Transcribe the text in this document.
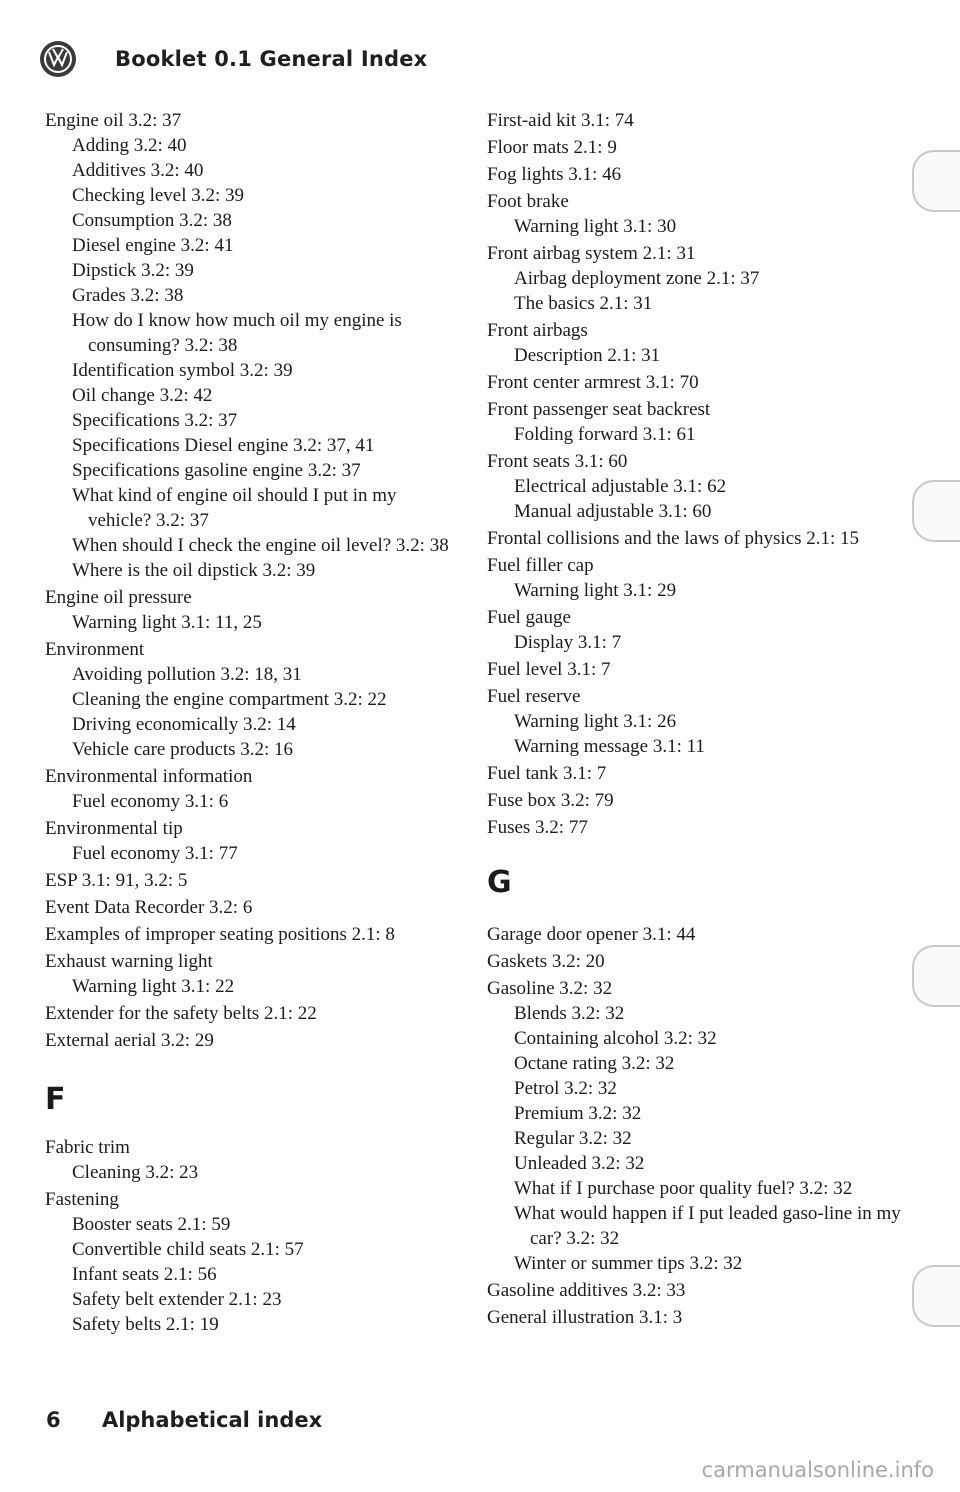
Booklet 0.1 General Index
Engine oil 3.2: 37
Adding 3.2: 40
Additives 3.2: 40
Checking level 3.2: 39
Consumption 3.2: 38
Diesel engine 3.2: 41
Dipstick 3.2: 39
Grades 3.2: 38
How do I know how much oil my engine is consuming? 3.2: 38
Identification symbol 3.2: 39
Oil change 3.2: 42
Specifications 3.2: 37
Specifications Diesel engine 3.2: 37, 41
Specifications gasoline engine 3.2: 37
What kind of engine oil should I put in my vehicle? 3.2: 37
When should I check the engine oil level? 3.2: 38
Where is the oil dipstick 3.2: 39
Engine oil pressure
Warning light 3.1: 11, 25
Environment
Avoiding pollution 3.2: 18, 31
Cleaning the engine compartment 3.2: 22
Driving economically 3.2: 14
Vehicle care products 3.2: 16
Environmental information
Fuel economy 3.1: 6
Environmental tip
Fuel economy 3.1: 77
ESP 3.1: 91, 3.2: 5
Event Data Recorder 3.2: 6
Examples of improper seating positions 2.1: 8
Exhaust warning light
Warning light 3.1: 22
Extender for the safety belts 2.1: 22
External aerial 3.2: 29
F
Fabric trim
Cleaning 3.2: 23
Fastening
Booster seats 2.1: 59
Convertible child seats 2.1: 57
Infant seats 2.1: 56
Safety belt extender 2.1: 23
Safety belts 2.1: 19
First-aid kit 3.1: 74
Floor mats 2.1: 9
Fog lights 3.1: 46
Foot brake
Warning light 3.1: 30
Front airbag system 2.1: 31
Airbag deployment zone 2.1: 37
The basics 2.1: 31
Front airbags
Description 2.1: 31
Front center armrest 3.1: 70
Front passenger seat backrest
Folding forward 3.1: 61
Front seats 3.1: 60
Electrical adjustable 3.1: 62
Manual adjustable 3.1: 60
Frontal collisions and the laws of physics 2.1: 15
Fuel filler cap
Warning light 3.1: 29
Fuel gauge
Display 3.1: 7
Fuel level 3.1: 7
Fuel reserve
Warning light 3.1: 26
Warning message 3.1: 11
Fuel tank 3.1: 7
Fuse box 3.2: 79
Fuses 3.2: 77
G
Garage door opener 3.1: 44
Gaskets 3.2: 20
Gasoline 3.2: 32
Blends 3.2: 32
Containing alcohol 3.2: 32
Octane rating 3.2: 32
Petrol 3.2: 32
Premium 3.2: 32
Regular 3.2: 32
Unleaded 3.2: 32
What if I purchase poor quality fuel? 3.2: 32
What would happen if I put leaded gaso-line in my car? 3.2: 32
Winter or summer tips 3.2: 32
Gasoline additives 3.2: 33
General illustration 3.1: 3
6 Alphabetical index
carmanualsonline.info
